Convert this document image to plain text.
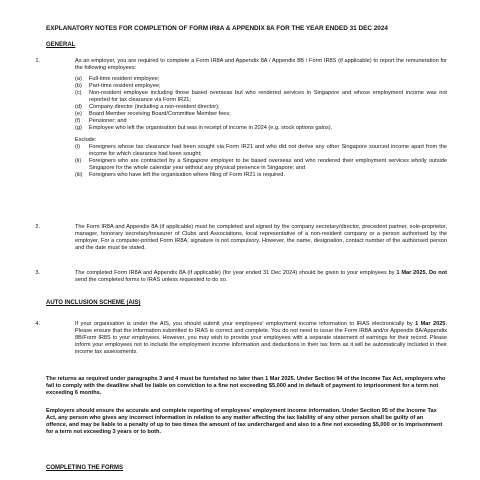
EXPLANATORY NOTES FOR COMPLETION OF FORM IR8A & APPENDIX 8A FOR THE YEAR ENDED 31 DEC 2024
GENERAL
1.	As an employer, you are required to complete a Form IR8A and Appendix 8A / Appendix 8B / Form IR8S (if applicable) to report the remuneration for the following employees:
(a)	Full-time resident employee;
(b)	Part-time resident employee;
(c)	Non-resident employee including those based overseas but who rendered services in Singapore and whose employment income was not reported for tax clearance via Form IR21;
(d)	Company director (including a non-resident director);
(e)	Board Member receiving Board/Committee Member fees;
(f)	Pensioner; and
(g)	Employee who left the organisation but was in receipt of income in 2024 (e.g. stock options gains).
Exclude:
(i)	Foreigners whose tax clearance had been sought via Form IR21 and who did not derive any other Singapore sourced income apart from the income for which clearance had been sought;
(ii)	Foreigners who are contracted by a Singapore employer to be based overseas and who rendered their employment services wholly outside Singapore for the whole calendar year without any physical presence in Singapore; and
(iii)	Foreigners who have left the organisation where filing of Form IR21 is required.
2.	The Form IR8A and Appendix 8A (if applicable) must be completed and signed by the company secretary/director, precedent partner, sole-proprietor, manager, honorary secretary/treasurer of Clubs and Associations, local representative of a non-resident company or a person authorised by the employer. For a computer-printed Form IR8A, signature is not compulsory. However, the name, designation, contact number of the authorised person and the date must be stated.
3.	The completed Form IR8A and Appendix 8A (if applicable) (for year ended 31 Dec 2024) should be given to your employees by 1 Mar 2025. Do not send the completed forms to IRAS unless requested to do so.
AUTO INCLUSION SCHEME (AIS)
4.	If your organisation is under the AIS, you should submit your employees' employment income information to IRAS electronically by 1 Mar 2025. Please ensure that the information submitted to IRAS is correct and complete. You do not need to issue the Form IR8A and/or Appendix 8A/Appendix 8B/Form IR8S to your employees. However, you may wish to provide your employees with a separate statement of earnings for their record. Please inform your employees not to include the employment income information and deductions in their tax form as it will be automatically included in their income tax assessments.
The returns as required under paragraphs 3 and 4 must be furnished no later than 1 Mar 2025. Under Section 94 of the Income Tax Act, employers who fail to comply with the deadline shall be liable on conviction to a fine not exceeding $5,000 and in default of payment to imprisonment for a term not exceeding 6 months.
Employers should ensure the accurate and complete reporting of employees' employment income information. Under Section 95 of the Income Tax Act, any person who gives any incorrect information in relation to any matter affecting the tax liability of any other person shall be guilty of an offence, and may be liable to a penalty of up to two times the amount of tax undercharged and also to a fine not exceeding $5,000 or to imprisonment for a term not exceeding 3 years or to both.
COMPLETING THE FORMS
